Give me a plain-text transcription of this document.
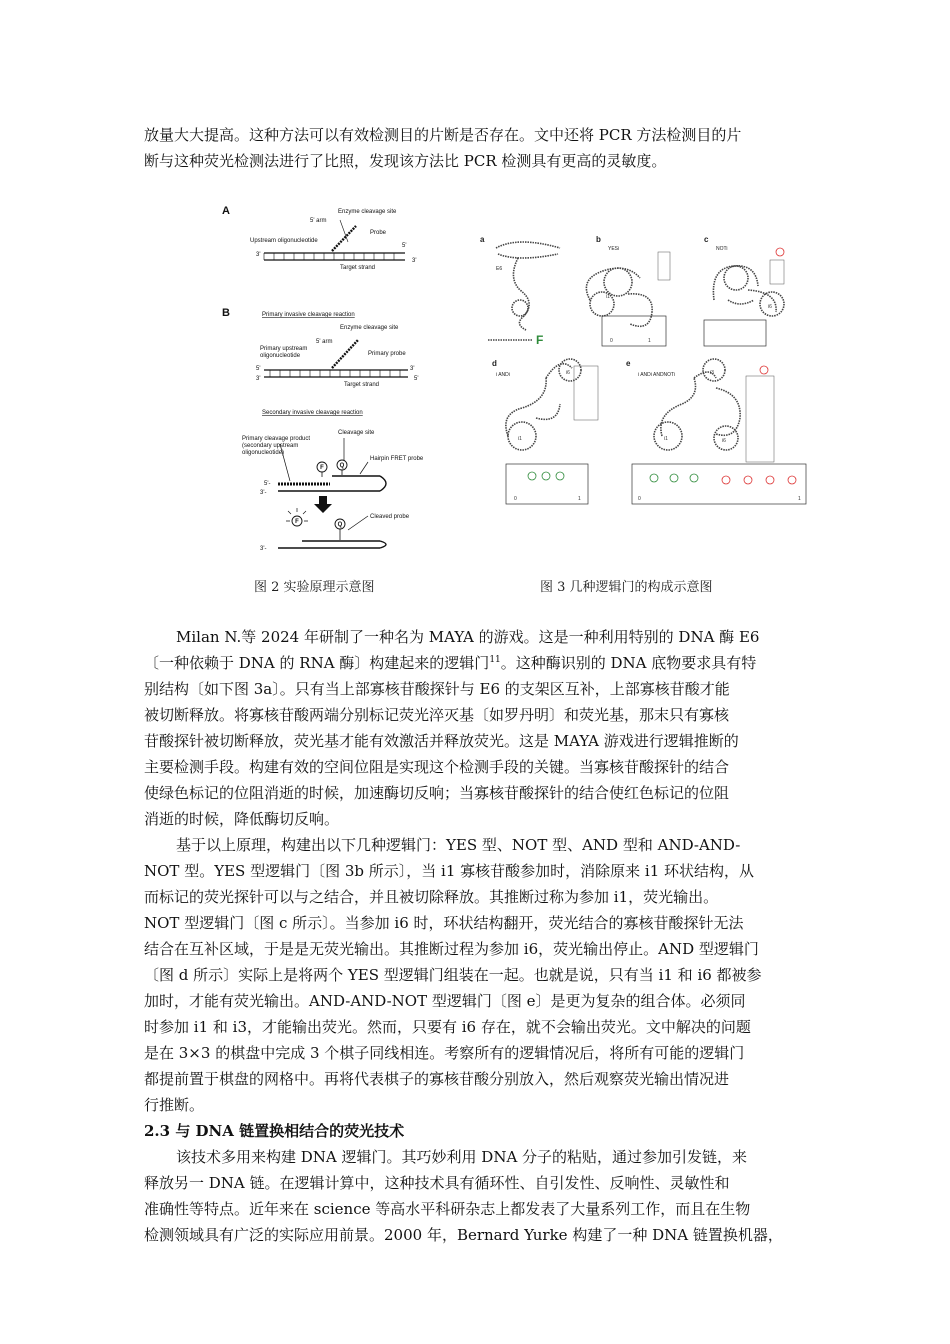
放量大大提高。这种方法可以有效检测目的片断是否存在。文中还将 PCR 方法检测目的片

断与这种荧光检测法进行了比照，发现该方法比 PCR 检测具有更高的灵敏度。

A	Enzyme cleavage site
5' arm
Probe
Upstream oligonucleotide
Target strand
3'
5'
3'
B	Primary invasive cleavage reaction
Enzyme cleavage site
5' arm
Primary upstream
oligonucleotide	Primary probe
Target strand
5'
3'
3'
5'
Secondary invasive cleavage reaction
Cleavage site
Primary cleavage product
(secondary upstream
oligonucleotide)
Hairpin FRET probe
Cleaved probe
5'-
3'-
3'-
F	Q
F	Q
图 2 实验原理示意图
a	b	c
d	e
E6
YESi	NOTi
i ANDi	i ANDi ANDNOTi
F
i1
i6
i1
i6
i1
i3
i6
0	1
0	1	0	1
图 3 几种逻辑门的构成示意图

Milan N.等 2024 年研制了一种名为 MAYA 的游戏。这是一种利用特别的 DNA 酶 E6

〔一种依赖于 DNA 的 RNA 酶〕构建起来的逻辑门$^{11}$。这种酶识别的 DNA 底物要求具有特

别结构〔如下图 3a〕。只有当上部寡核苷酸探针与 E6 的支架区互补，上部寡核苷酸才能

被切断释放。将寡核苷酸两端分别标记荧光淬灭基〔如罗丹明〕和荧光基，那末只有寡核

苷酸探针被切断释放，荧光基才能有效激活并释放荧光。这是 MAYA 游戏进行逻辑推断的

主要检测手段。构建有效的空间位阻是实现这个检测手段的关键。当寡核苷酸探针的结合

使绿色标记的位阻消逝的时候，加速酶切反响；当寡核苷酸探针的结合使红色标记的位阻

消逝的时候，降低酶切反响。

基于以上原理，构建出以下几种逻辑门：YES 型、NOT 型、AND 型和 AND-AND-

NOT 型。YES 型逻辑门〔图 3b 所示〕，当 i1 寡核苷酸参加时，消除原来 i1 环状结构，从

而标记的荧光探针可以与之结合，并且被切除释放。其推断过称为参加 i1，荧光输出。

NOT 型逻辑门〔图 c 所示〕。当参加 i6 时，环状结构翻开，荧光结合的寡核苷酸探针无法

结合在互补区域，于是是无荧光输出。其推断过程为参加 i6，荧光输出停止。AND 型逻辑门

〔图 d 所示〕实际上是将两个 YES 型逻辑门组装在一起。也就是说，只有当 i1 和 i6 都被参

加时，才能有荧光输出。AND-AND-NOT 型逻辑门〔图 e〕是更为复杂的组合体。必须同

时参加 i1 和 i3，才能输出荧光。然而，只要有 i6 存在，就不会输出荧光。文中解决的问题

是在 3×3 的棋盘中完成 3 个棋子同线相连。考察所有的逻辑情况后，将所有可能的逻辑门

都提前置于棋盘的网格中。再将代表棋子的寡核苷酸分别放入，然后观察荧光输出情况进

行推断。

2.3 与 DNA 链置换相结合的荧光技术

该技术多用来构建 DNA 逻辑门。其巧妙利用 DNA 分子的粘贴，通过参加引发链，来

释放另一 DNA 链。在逻辑计算中，这种技术具有循环性、自引发性、反响性、灵敏性和

准确性等特点。近年来在 science 等高水平科研杂志上都发表了大量系列工作，而且在生物

检测领域具有广泛的实际应用前景。2000 年，Bernard Yurke 构建了一种 DNA 链置换机器，
